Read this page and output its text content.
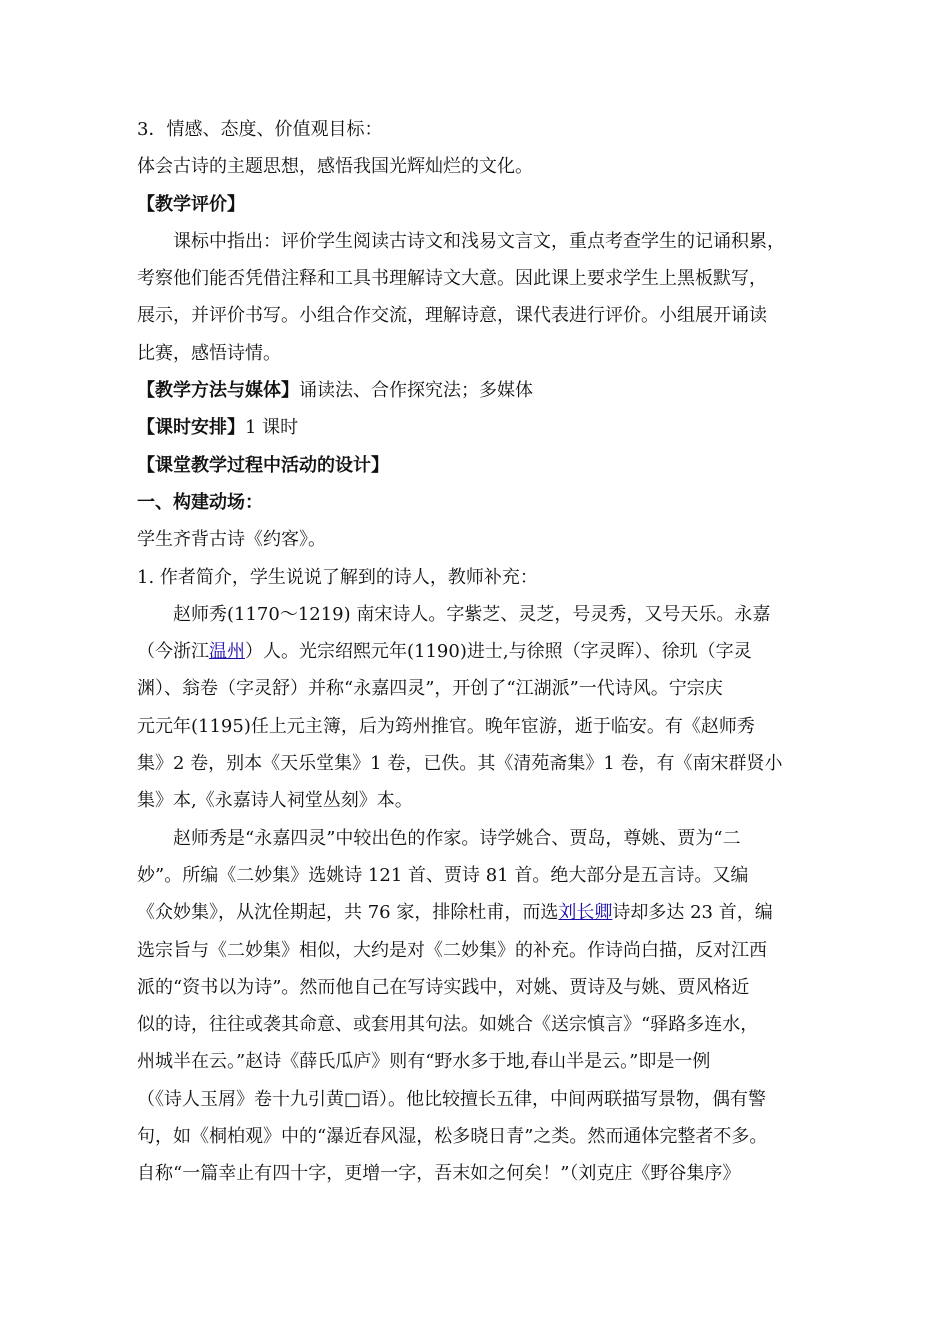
3．情感、态度、价值观目标：
体会古诗的主题思想，感悟我国光辉灿烂的文化。
【教学评价】
课标中指出：评价学生阅读古诗文和浅易文言文，重点考查学生的记诵积累，
考察他们能否凭借注释和工具书理解诗文大意。因此课上要求学生上黑板默写，
展示，并评价书写。小组合作交流，理解诗意，课代表进行评价。小组展开诵读
比赛，感悟诗情。
【教学方法与媒体】诵读法、合作探究法；多媒体
【课时安排】1 课时
【课堂教学过程中活动的设计】
一、构建动场：
学生齐背古诗《约客》。
1. 作者简介，学生说说了解到的诗人，教师补充：
赵师秀(1170～1219) 南宋诗人。字紫芝、灵芝，号灵秀，又号天乐。永嘉
（今浙江温州）人。光宗绍熙元年(1190)进士,与徐照（字灵晖）、徐玑（字灵
渊）、翁卷（字灵舒）并称“永嘉四灵”，开创了“江湖派”一代诗风。宁宗庆
元元年(1195)任上元主簿，后为筠州推官。晚年宦游，逝于临安。有《赵师秀
集》2 卷，别本《天乐堂集》1 卷，已佚。其《清苑斋集》1 卷，有《南宋群贤小
集》本,《永嘉诗人祠堂丛刻》本。
赵师秀是“永嘉四灵”中较出色的作家。诗学姚合、贾岛，尊姚、贾为“二
妙”。所编《二妙集》选姚诗 121 首、贾诗 81 首。绝大部分是五言诗。又编
《众妙集》，从沈佺期起，共 76 家，排除杜甫，而选刘长卿诗却多达 23 首，编
选宗旨与《二妙集》相似，大约是对《二妙集》的补充。作诗尚白描，反对江西
派的“资书以为诗”。然而他自己在写诗实践中，对姚、贾诗及与姚、贾风格近
似的诗，往往或袭其命意、或套用其句法。如姚合《送宗慎言》“驿路多连水，
州城半在云。”赵诗《薛氏瓜庐》则有“野水多于地,春山半是云。”即是一例
（《诗人玉屑》卷十九引黄□语）。他比较擅长五律，中间两联描写景物，偶有警
句，如《桐柏观》中的“瀑近春风湿，松多晓日青”之类。然而通体完整者不多。
自称“一篇幸止有四十字，更增一字，吾末如之何矣！”（刘克庄《野谷集序》
